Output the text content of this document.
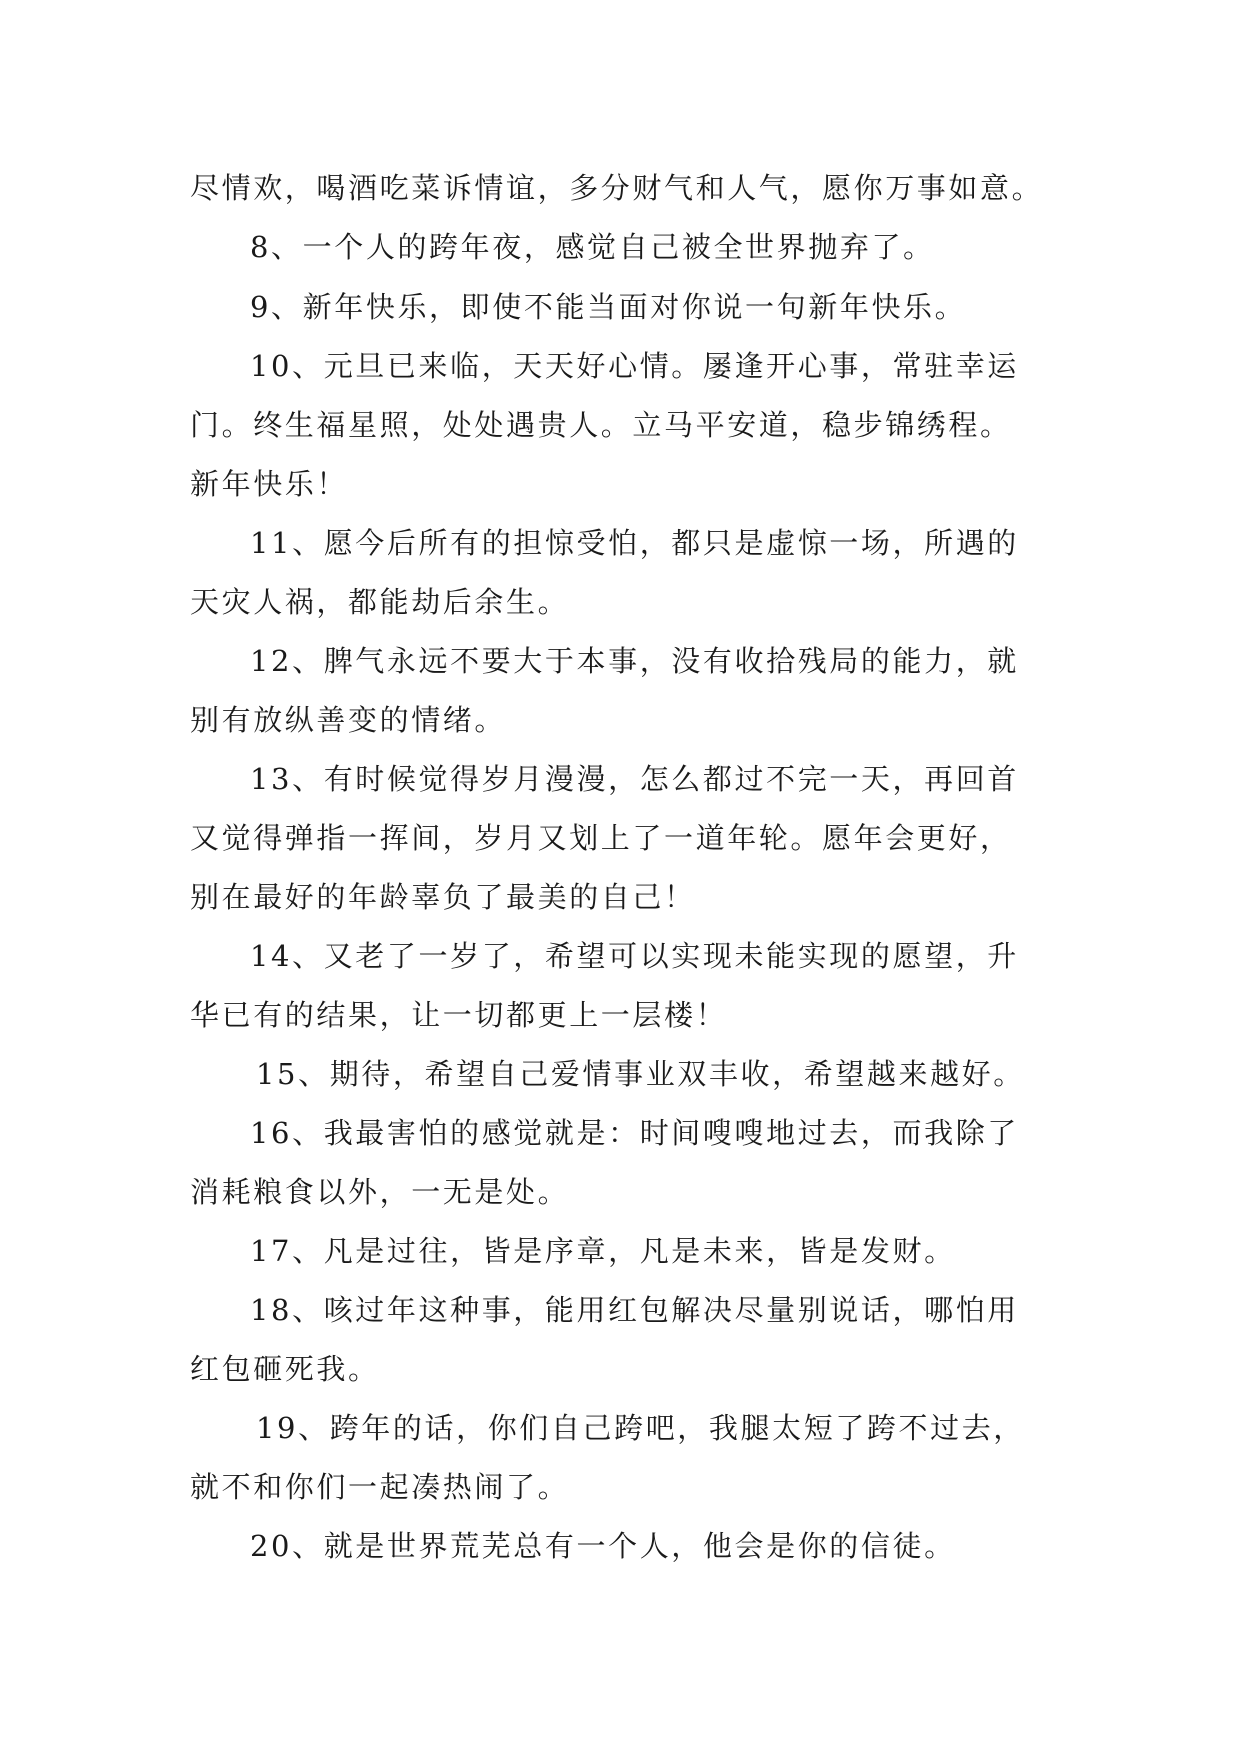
尽情欢，喝酒吃菜诉情谊，多分财气和人气，愿你万事如意。
8、一个人的跨年夜，感觉自己被全世界抛弃了。
9、新年快乐，即使不能当面对你说一句新年快乐。
10、元旦已来临，天天好心情。屡逢开心事，常驻幸运
门。终生福星照，处处遇贵人。立马平安道，稳步锦绣程。
新年快乐！
11、愿今后所有的担惊受怕，都只是虚惊一场，所遇的
天灾人祸，都能劫后余生。
12、脾气永远不要大于本事，没有收拾残局的能力，就
别有放纵善变的情绪。
13、有时候觉得岁月漫漫，怎么都过不完一天，再回首
又觉得弹指一挥间，岁月又划上了一道年轮。愿年会更好，
别在最好的年龄辜负了最美的自己！
14、又老了一岁了，希望可以实现未能实现的愿望，升
华已有的结果，让一切都更上一层楼！
15、期待，希望自己爱情事业双丰收，希望越来越好。
16、我最害怕的感觉就是：时间嗖嗖地过去，而我除了
消耗粮食以外，一无是处。
17、凡是过往，皆是序章，凡是未来，皆是发财。
18、咳过年这种事，能用红包解决尽量别说话，哪怕用
红包砸死我。
19、跨年的话，你们自己跨吧，我腿太短了跨不过去，
就不和你们一起凑热闹了。
20、就是世界荒芜总有一个人，他会是你的信徒。
